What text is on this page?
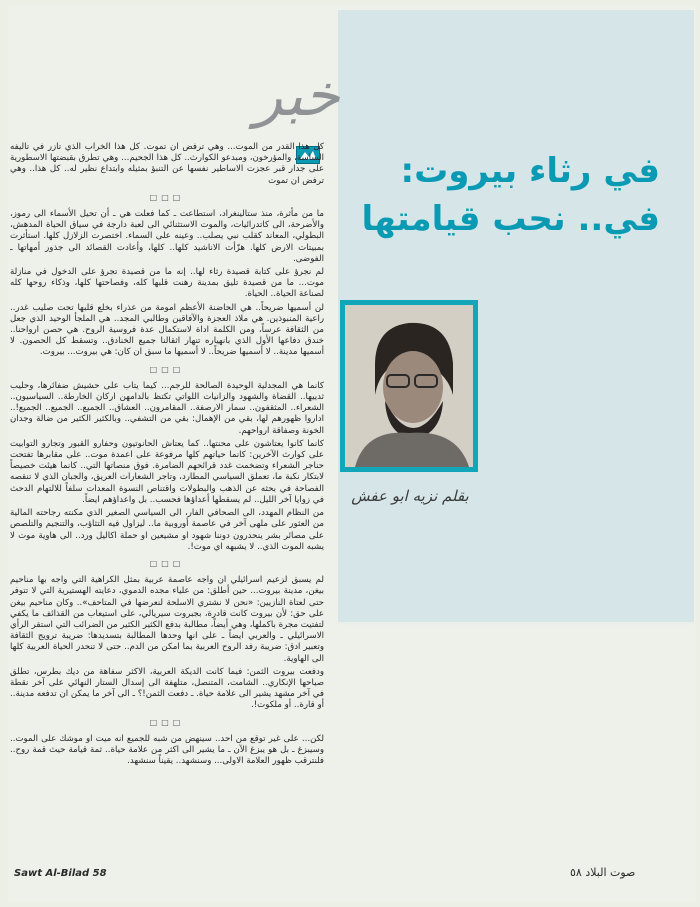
خبر
في رثاء بيروت:
في.. نحب قيامتها
بقلم نزيه ابو عفش

كل هذا القدر من الموت... وهي ترفض ان تموت. كل هذا الخراب الذي تآزر في تأليفه الساسة، والمؤرخون، ومبدعو الكوارث.. كل هذا الجحيم... وهي تطرق بقبضتها الاسطورية على جدار قبر عجزت الاساطير نفسها عن التنبؤ بمثيله وابتداع نظير له.. كل هذا.. وهي ترفض ان تموت

□□□

ما من مأثرة، منذ ستالينغراد، استطاعت ـ كما فعلت هي ـ أن تحيل الأسماء الى رموز، والأضرحة، الى كاتدرائيات، والموت الاستثنائي الى لعبة دارجة في سياق الحياة المدهش، البطولي، المعاند كقلب نبي يصلب.. وعينه على السماء. اختصرت الزلازل كلها. استأثرت بمبيتات الارض كلها. هزّأت الاناشيد كلها.. كلها، وأعادت القصائد الى جذور أمهاتها ـ الفوضى.

لم نجرؤ على كتابة قصيدة رثاء لها.. إنه ما من قصيدة تجرؤ على الدخول في منازلة موت... ما من قصيدة تليق بمدينة رهنت قلبها كله، وفصاحتها كلها، وذكاء روحها كله لصناعة الحياة.. الحياة.

لن أسميها ضريحاً.. هي الحاضنة الأعظم امومة من عذراء بخلع قلبها تحت صليب غدر.. راعية المنبوذين. هي ملاذ العجزة والآفاقين وطالبي المجد.. هي الملجأ الوحيد الذي جعل من الثقافة عرساً، ومن الكلمة اداة لاستكمال عدة فروسية الروح. هي حصن ارواحنا.. خندق دفاعها الأول الذي بانهياره تنهار اثقالنا جميع الخنادق.. وتسقط كل الحصون. لا أسميها مدينة.. لا أسميها ضريحاً.. لا أسميها ما سبق ان كان: هي بيروت... بيروت.

□□□

كانما هي المجدلية الوحيدة الصالحة للرجم... كيما يتاب على حشيش ضفائرها، وحليب ثدييها.. القضاة والشهود والزانيات اللواتي تكتظ بالدامهن اركان الخارطة.. السياسيون.. الشعراء.. المثقفون.. سمار الارصفة.. المقامرون.. العشاق.. الجميع.. الجميع.. الجميع!.. اداروا ظهورهم لها، بقي من الإهمال: بقي من التشفي.. وبالكثير الكثير من ضالة وجدان الخونة وصفاقة ارواحهم.

كانما كانوا يعتاشون على محنتها.. كما يعتاش الحانوتيون وحفارو القبور وتجارو التوابيت على كوارث الآخرين: كانما حياتهم كلها مرفوعة على اعمدة موت.. على مقابرها تفتحت حناجر الشعراء وتضخمت غدد قرائحهم الضامرة. فوق منصاتها التي.. كانما هيئت خصيصاً لابتكار نكبة ما، تعملق السياسي المطارد، وتاجر الشعارات العريق، والجبان الذي لا تنقصه الفصاحة في بحثه عن الذهب والبطولات واقتناص النسوة المعدات سلفاً للالتهام الدحث في زوايا آخر الليل.. لم يسقطها أعداؤها فحسب.. بل واعداؤهم ايضاً.

من النظام المهدد، الى الصحافي الفار، الى السياسي الصغير الذي مكنته رجاحته المالية من العثور على ملهى آخر في عاصمة أوروبية ما.. ليزاول فيه التثاؤب، والتنجيم والتلصص على مصائر بشر ينحدرون دوننا شهود او مشيعين او حملة اكاليل ورد.. الى هاوية موت لا يشبه الموت الذي.. لا يشبهه اي موت!.

□□□

لم يسبق لزعيم اسرائيلي ان واجه عاصمة عربية بمثل الكراهية التي واجه بها مناحيم بيغن، مدينة بيروت... حين أطلق: من علياء مجده الدموي، دعايته الهستيرية التي لا تتوفر حتى لعتاة النازيين: «نحن لا نشتري الاسلحة لنعرضها في المتاحف».. وكان مناحيم بيغن على حق: لأن بيروت كانت قادرة، بجبروت سيريالي، على استيعاب من القذائف ما يكفي لتفتيت مجرة باكملها، وهي أيضاً، مطالبة بدفع الكثير الكثير من الضرائب التي استقر الرأي الاسرائيلي ـ والعربي ايضاً ـ على انها وحدها المطالبة بتسديدها: ضريبة ترويج الثقافة وتعبير ادق: ضريبة رفد الروح العربية بما امكن من الدم.. حتى لا تنحدر الحياة العربية كلها الى الهاوية.

ودفعت بيروت الثمن: فيما كانت الديكة العربية، الاكثر سفاهة من ديك بطرس، تطلق صياحها الإنكاري.. الشامت، المتنصل، متلهفة الى إسدال الستار النهائي على آخر نقطة في آخر مشهد يشير الى علامة حياة. ـ دفعت الثمن!؟ ـ الى آخر ما يمكن ان تدفعه مدينة.. أو قارة.. أو ملكوت!.

□□□

لكن... على غير توقع من احد.. سينهض من شبه للجميع انه ميت او موشك على الموت.. وسيبزغ ـ بل هو يبزغ الآن ـ ما يشير الى اكثر من علامة حياة.. ثمة قيامة حيث قمة روح.. فلنترقب ظهور العلامة الاولى... وسنشهد.. يقيناً سنشهد.

Sawt Al-Bilad 58	صوت البلاد ٥٨
